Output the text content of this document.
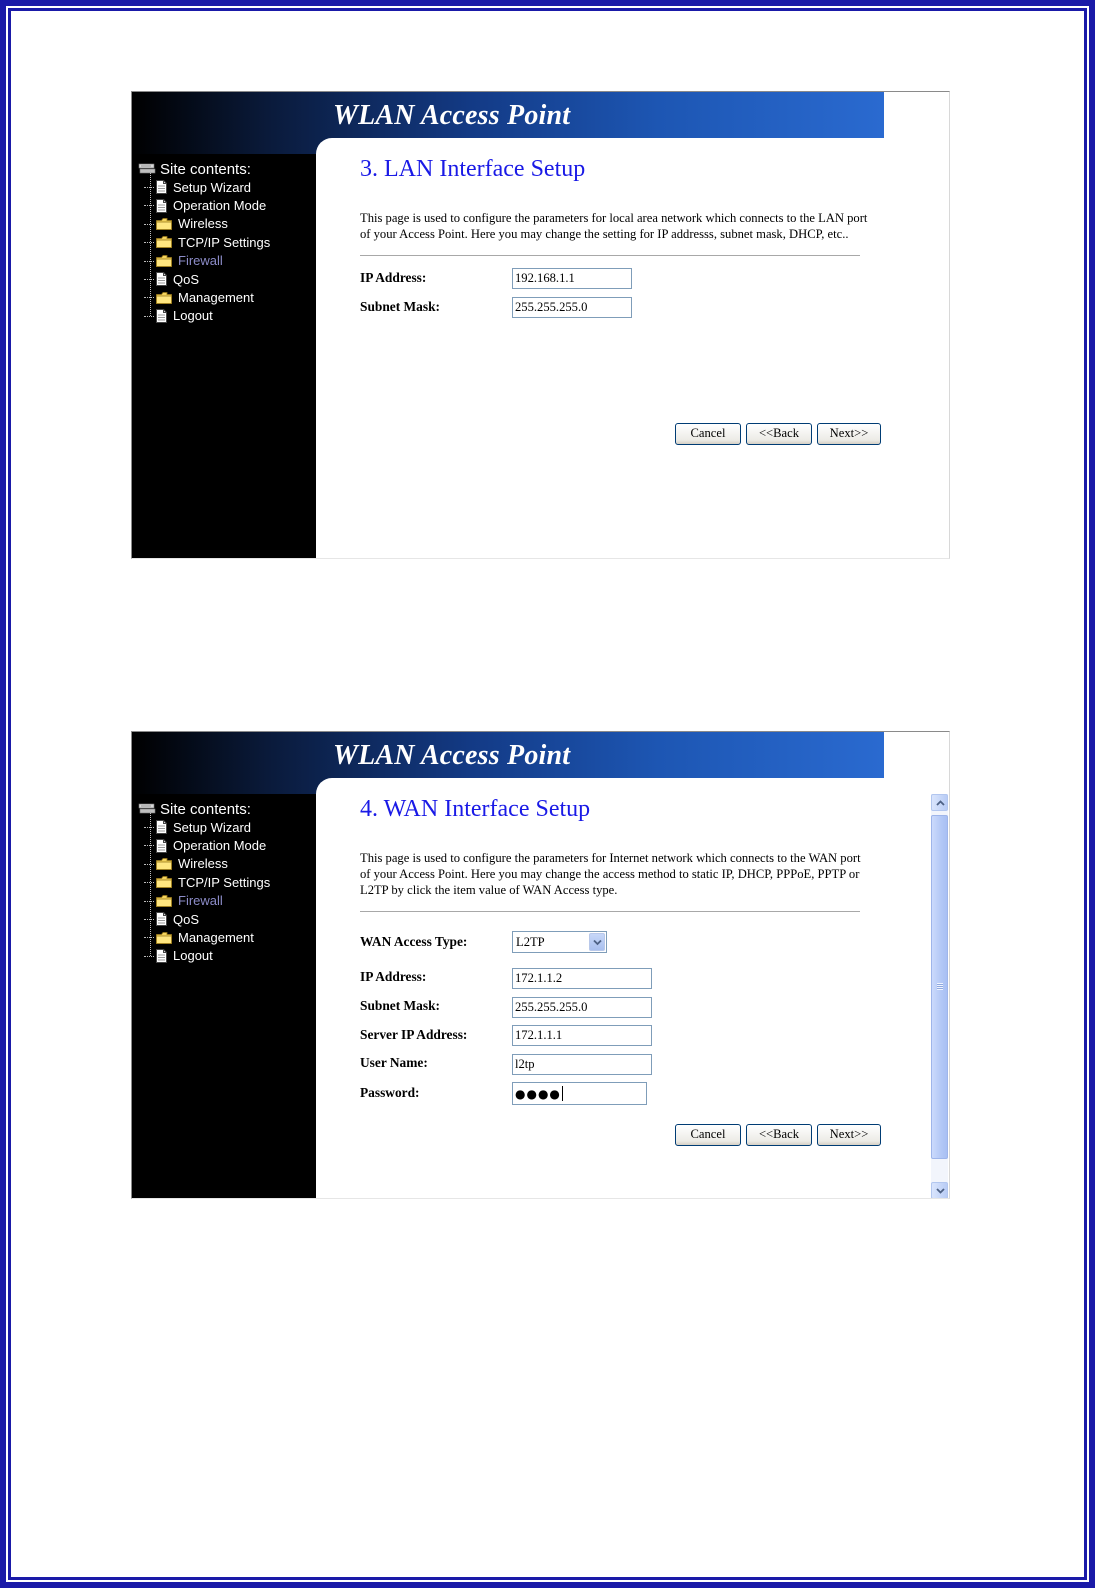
WLAN Access Point
Site contents:
Setup Wizard
Operation Mode
Wireless
TCP/IP Settings
Firewall
QoS
Management
Logout
3. LAN Interface Setup
This page is used to configure the parameters for local area network which connects to the LAN port of your Access Point. Here you may change the setting for IP addresss, subnet mask, DHCP, etc..
IP Address:	192.168.1.1
Subnet Mask:	255.255.255.0
Cancel	<<Back	Next>>
WLAN Access Point
Site contents:
Setup Wizard
Operation Mode
Wireless
TCP/IP Settings
Firewall
QoS
Management
Logout
4. WAN Interface Setup
This page is used to configure the parameters for Internet network which connects to the WAN port of your Access Point. Here you may change the access method to static IP, DHCP, PPPoE, PPTP or L2TP by click the item value of WAN Access type.
WAN Access Type:	L2TP
IP Address:	172.1.1.2
Subnet Mask:	255.255.255.0
Server IP Address:	172.1.1.1
User Name:	l2tp
Password:	●●●●
Cancel	<<Back	Next>>
